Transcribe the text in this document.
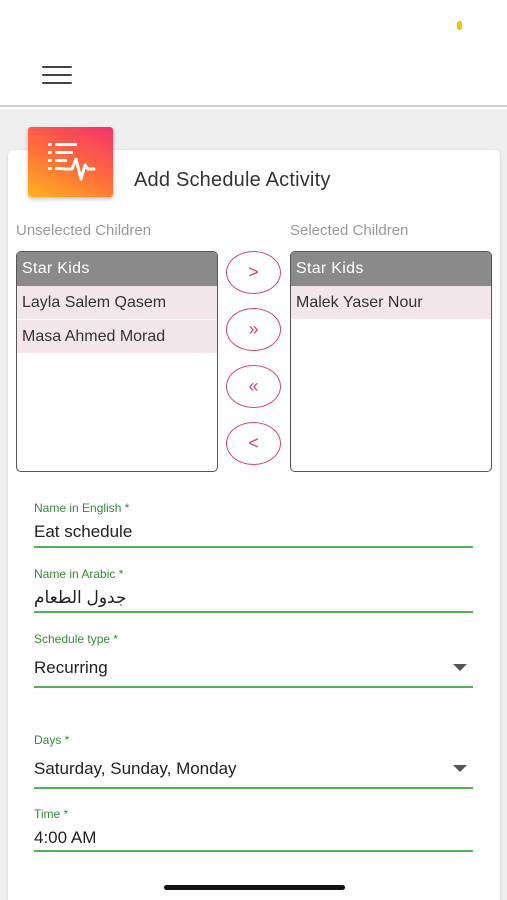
Add Schedule Activity
Unselected Children	Selected Children
Star Kids
Layla Salem Qasem
Masa Ahmed Morad
Star Kids
Malek Yaser Nour
>
»
«
<
Name in English *
Eat schedule
Name in Arabic *
جدول الطعام
Schedule type *
Recurring
Days *
Saturday, Sunday, Monday
Time *
4:00 AM
